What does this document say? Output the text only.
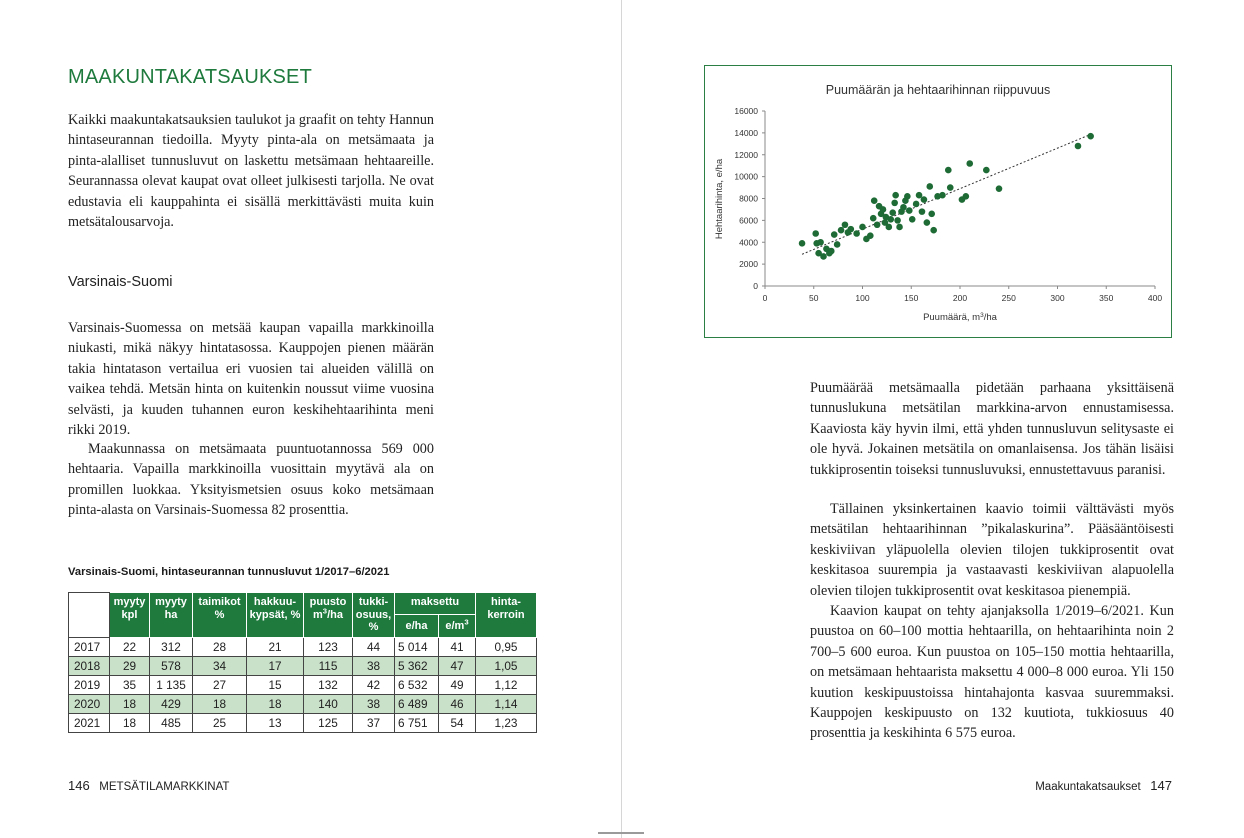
MAAKUNTAKATSAUKSET

Kaikki maakuntakatsauksien taulukot ja graafit on tehty Hannun hintaseurannan tiedoilla. Myyty pinta-ala on metsämaata ja pinta-alalliset tunnusluvut on laskettu metsämaan hehtaareille. Seurannassa olevat kaupat ovat olleet julkisesti tarjolla. Ne ovat edustavia eli kauppahinta ei sisällä merkittävästi muita kuin metsätalousarvoja.

Varsinais-Suomi

Varsinais-Suomessa on metsää kaupan vapailla markkinoilla niukasti, mikä näkyy hintatasossa. Kauppojen pienen määrän takia hintatason vertailua eri vuosien tai alueiden välillä on vaikea tehdä. Metsän hinta on kuitenkin noussut viime vuosina selvästi, ja kuuden tuhannen euron keskihehtaarihinta meni rikki 2019.

Maakunnassa on metsämaata puuntuotannossa 569 000 hehtaaria. Vapailla markkinoilla vuosittain myytävä ala on promillen luokkaa. Yksityismetsien osuus koko metsämaan pinta-alasta on Varsinais-Suomessa 82 prosenttia.

Varsinais-Suomi, hintaseurannan tunnusluvut 1/2017–6/2021

	myyty kpl	myyty ha	taimikot %	hakkuu-kypsät, %	puusto $m^3/ha$	tukki-osuus, %	maksettu		hinta-kerroin
							e/ha	$e/m^3$
2017	22	312	28	21	123	44	5 014	41	0,95
2018	29	578	34	17	115	38	5 362	47	1,05
2019	35	1 135	27	15	132	42	6 532	49	1,12
2020	18	429	18	18	140	38	6 489	46	1,14
2021	18	485	25	13	125	37	6 751	54	1,23

146 METSÄTILAMARKKINAT

Puumäärän ja hehtaarihinnan riippuvuus
0
2000
4000
6000
8000
10000
12000
14000
16000
0	50	100	150	200	250	300	350	400
Puumäärä, $m^3/ha$
Hehtaarihinta, e/ha

Puumäärää metsämaalla pidetään parhaana yksittäisenä tunnuslukuna metsätilan markkina-arvon ennustamisessa. Kaaviosta käy hyvin ilmi, että yhden tunnusluvun selitysaste ei ole hyvä. Jokainen metsätila on omanlaisensa. Jos tähän lisäisi tukkiprosentin toiseksi tunnusluvuksi, ennustettavuus paranisi.

Tällainen yksinkertainen kaavio toimii välttävästi myös metsätilan hehtaarihinnan ”pikalaskurina”. Pääsääntöisesti keskiviivan yläpuolella olevien tilojen tukkiprosentit ovat keskitasoa suurempia ja vastaavasti keskiviivan alapuolella olevien tilojen tukkiprosentit ovat keskitasoa pienempiä.

Kaavion kaupat on tehty ajanjaksolla 1/2019–6/2021. Kun puustoa on 60–100 mottia hehtaarilla, on hehtaarihinta noin 2 700–5 600 euroa. Kun puustoa on 105–150 mottia hehtaarilla, on metsämaan hehtaarista maksettu 4 000–8 000 euroa. Yli 150 kuution keskipuustoissa hintahajonta kasvaa suuremmaksi. Kauppojen keskipuusto on 132 kuutiota, tukkiosuus 40 prosenttia ja keskihinta 6 575 euroa.

Maakuntakatsaukset 147
